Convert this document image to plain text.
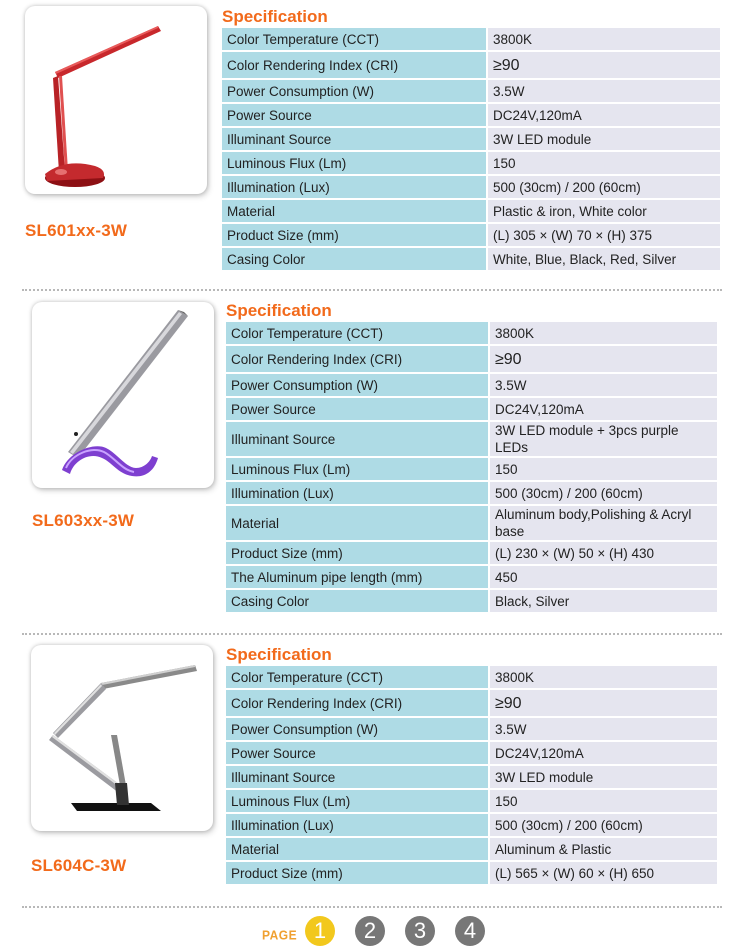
SL601xx-3W
Specification
Color Temperature (CCT)	3800K
Color Rendering Index (CRI)	≥90
Power Consumption (W)	3.5W
Power Source	DC24V,120mA
Illuminant Source	3W LED module
Luminous Flux (Lm)	150
Illumination (Lux)	500 (30cm) / 200 (60cm)
Material	Plastic & iron, White color
Product Size (mm)	(L) 305 × (W) 70 × (H) 375
Casing Color	White, Blue, Black, Red, Silver
SL603xx-3W
Specification
Color Temperature (CCT)	3800K
Color Rendering Index (CRI)	≥90
Power Consumption (W)	3.5W
Power Source	DC24V,120mA
Illuminant Source	3W LED module + 3pcs purple LEDs
Luminous Flux (Lm)	150
Illumination (Lux)	500 (30cm) / 200 (60cm)
Material	Aluminum body,Polishing & Acryl base
Product Size (mm)	(L) 230 × (W) 50 × (H) 430
The Aluminum pipe length (mm)	450
Casing Color	Black, Silver
SL604C-3W
Specification
Color Temperature (CCT)	3800K
Color Rendering Index (CRI)	≥90
Power Consumption (W)	3.5W
Power Source	DC24V,120mA
Illuminant Source	3W LED module
Luminous Flux (Lm)	150
Illumination (Lux)	500 (30cm) / 200 (60cm)
Material	Aluminum & Plastic
Product Size (mm)	(L) 565 × (W) 60 × (H) 650
PAGE 1	2	3	4
